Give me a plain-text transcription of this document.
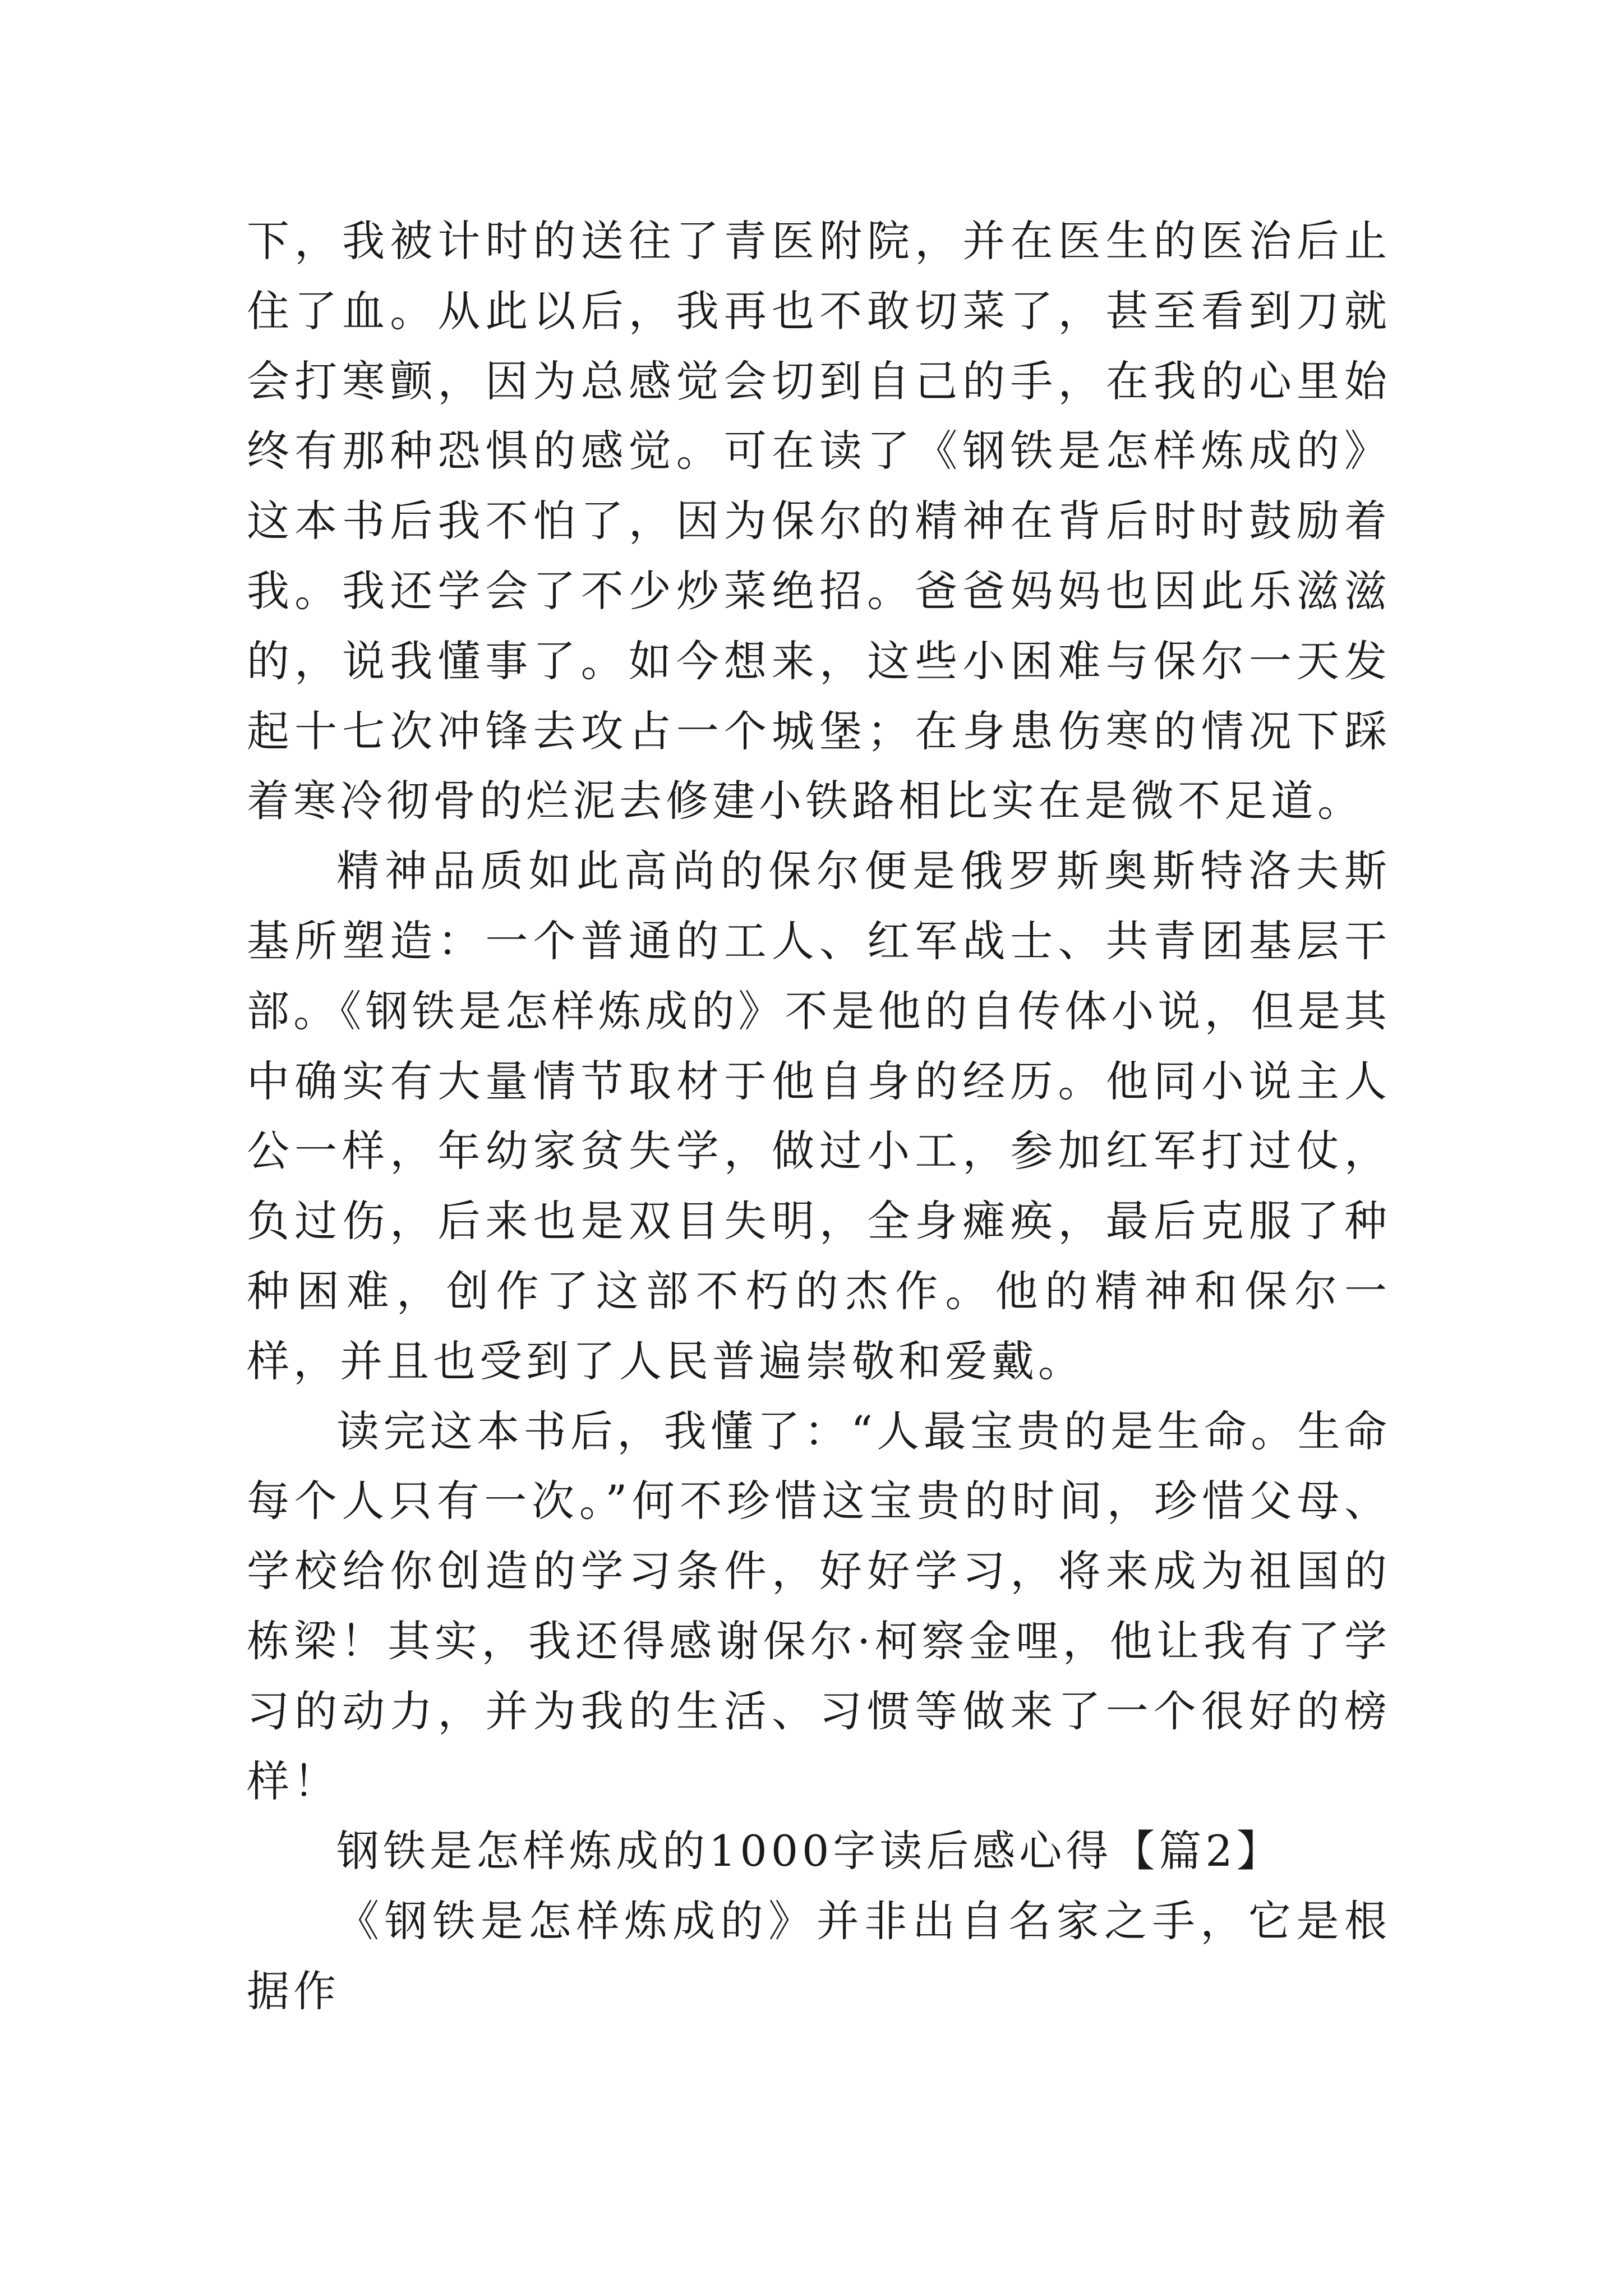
下，我被计时的送往了青医附院，并在医生的医治后止住了血。从此以后，我再也不敢切菜了，甚至看到刀就会打寒颤，因为总感觉会切到自己的手，在我的心里始终有那种恐惧的感觉。可在读了《钢铁是怎样炼成的》这本书后我不怕了，因为保尔的精神在背后时时鼓励着我。我还学会了不少炒菜绝招。爸爸妈妈也因此乐滋滋的，说我懂事了。如今想来，这些小困难与保尔一天发起十七次冲锋去攻占一个城堡；在身患伤寒的情况下踩着寒冷彻骨的烂泥去修建小铁路相比实在是微不足道。

精神品质如此高尚的保尔便是俄罗斯奥斯特洛夫斯基所塑造：一个普通的工人、红军战士、共青团基层干部。《钢铁是怎样炼成的》不是他的自传体小说，但是其中确实有大量情节取材于他自身的经历。他同小说主人公一样，年幼家贫失学，做过小工，参加红军打过仗，负过伤，后来也是双目失明，全身瘫痪，最后克服了种种困难，创作了这部不朽的杰作。他的精神和保尔一样，并且也受到了人民普遍崇敬和爱戴。

读完这本书后，我懂了：“人最宝贵的是生命。生命每个人只有一次。”何不珍惜这宝贵的时间，珍惜父母、学校给你创造的学习条件，好好学习，将来成为祖国的栋梁！其实，我还得感谢保尔·柯察金哩，他让我有了学习的动力，并为我的生活、习惯等做来了一个很好的榜样！

钢铁是怎样炼成的1000字读后感心得【篇2】

《钢铁是怎样炼成的》并非出自名家之手，它是根据作
